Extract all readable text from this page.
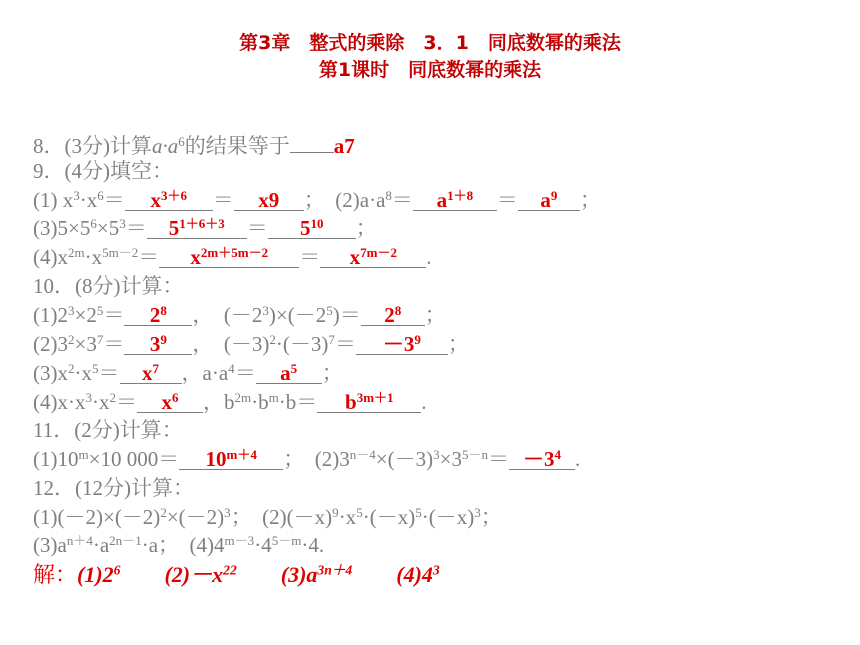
第3章　整式的乘除　3．1　同底数幂的乘法
第1课时　同底数幂的乘法
8．(3分)计算$a\cdot a^6$的结果等于 a7
9．(4分)填空：
(1) $x^3\cdot x^6= x^{3+6} = x9$ ；　$(2)a\cdot a^8= a^{1+8} = a^9$ ；
$(3)5\times 5^6\times 5^3= 5^{1+6+3} = 5^{10}$ ；
$(4)x^{2m}\cdot x^{5m-2}= x^{2m+5m-2} = x^{7m-2}$ .
10．(8分)计算：
$(1)2^3\times 2^5= 2^8$ ，　$(-2^3)\times(-2^5)= 2^8$ ；
$(2)3^2\times 3^7= 3^9$ ，　$(-3)^2\cdot(-3)^7= -3^9$ ；
$(3)x^2\cdot x^5= x^7$ ，$a\cdot a^4= a^5$ ；
$(4)x\cdot x^3\cdot x^2= x^6$ ，$b^{2m}\cdot b^m\cdot b= b^{3m+1}$ .
11．(2分)计算：
$(1)10^m\times 10$ $000= 10^{m+4}$ ；　$(2)3^{n-4}\times(-3)^3\times 3^{5-n}= -3^4$ .
12．(12分)计算：
$(1)(-2)\times(-2)^2\times(-2)^3$；　$(2)(-x)^9\cdot x^5\cdot(-x)^5\cdot(-x)^3$；
$(3)a^{n+4}\cdot a^{2n-1}\cdot a$；　$(4)4^{m-3}\cdot 4^{5-m}\cdot 4$.
解：$(1)2^6$ $(2)-x^{22}$ $(3)a^{3n+4}$ $(4)4^3$
